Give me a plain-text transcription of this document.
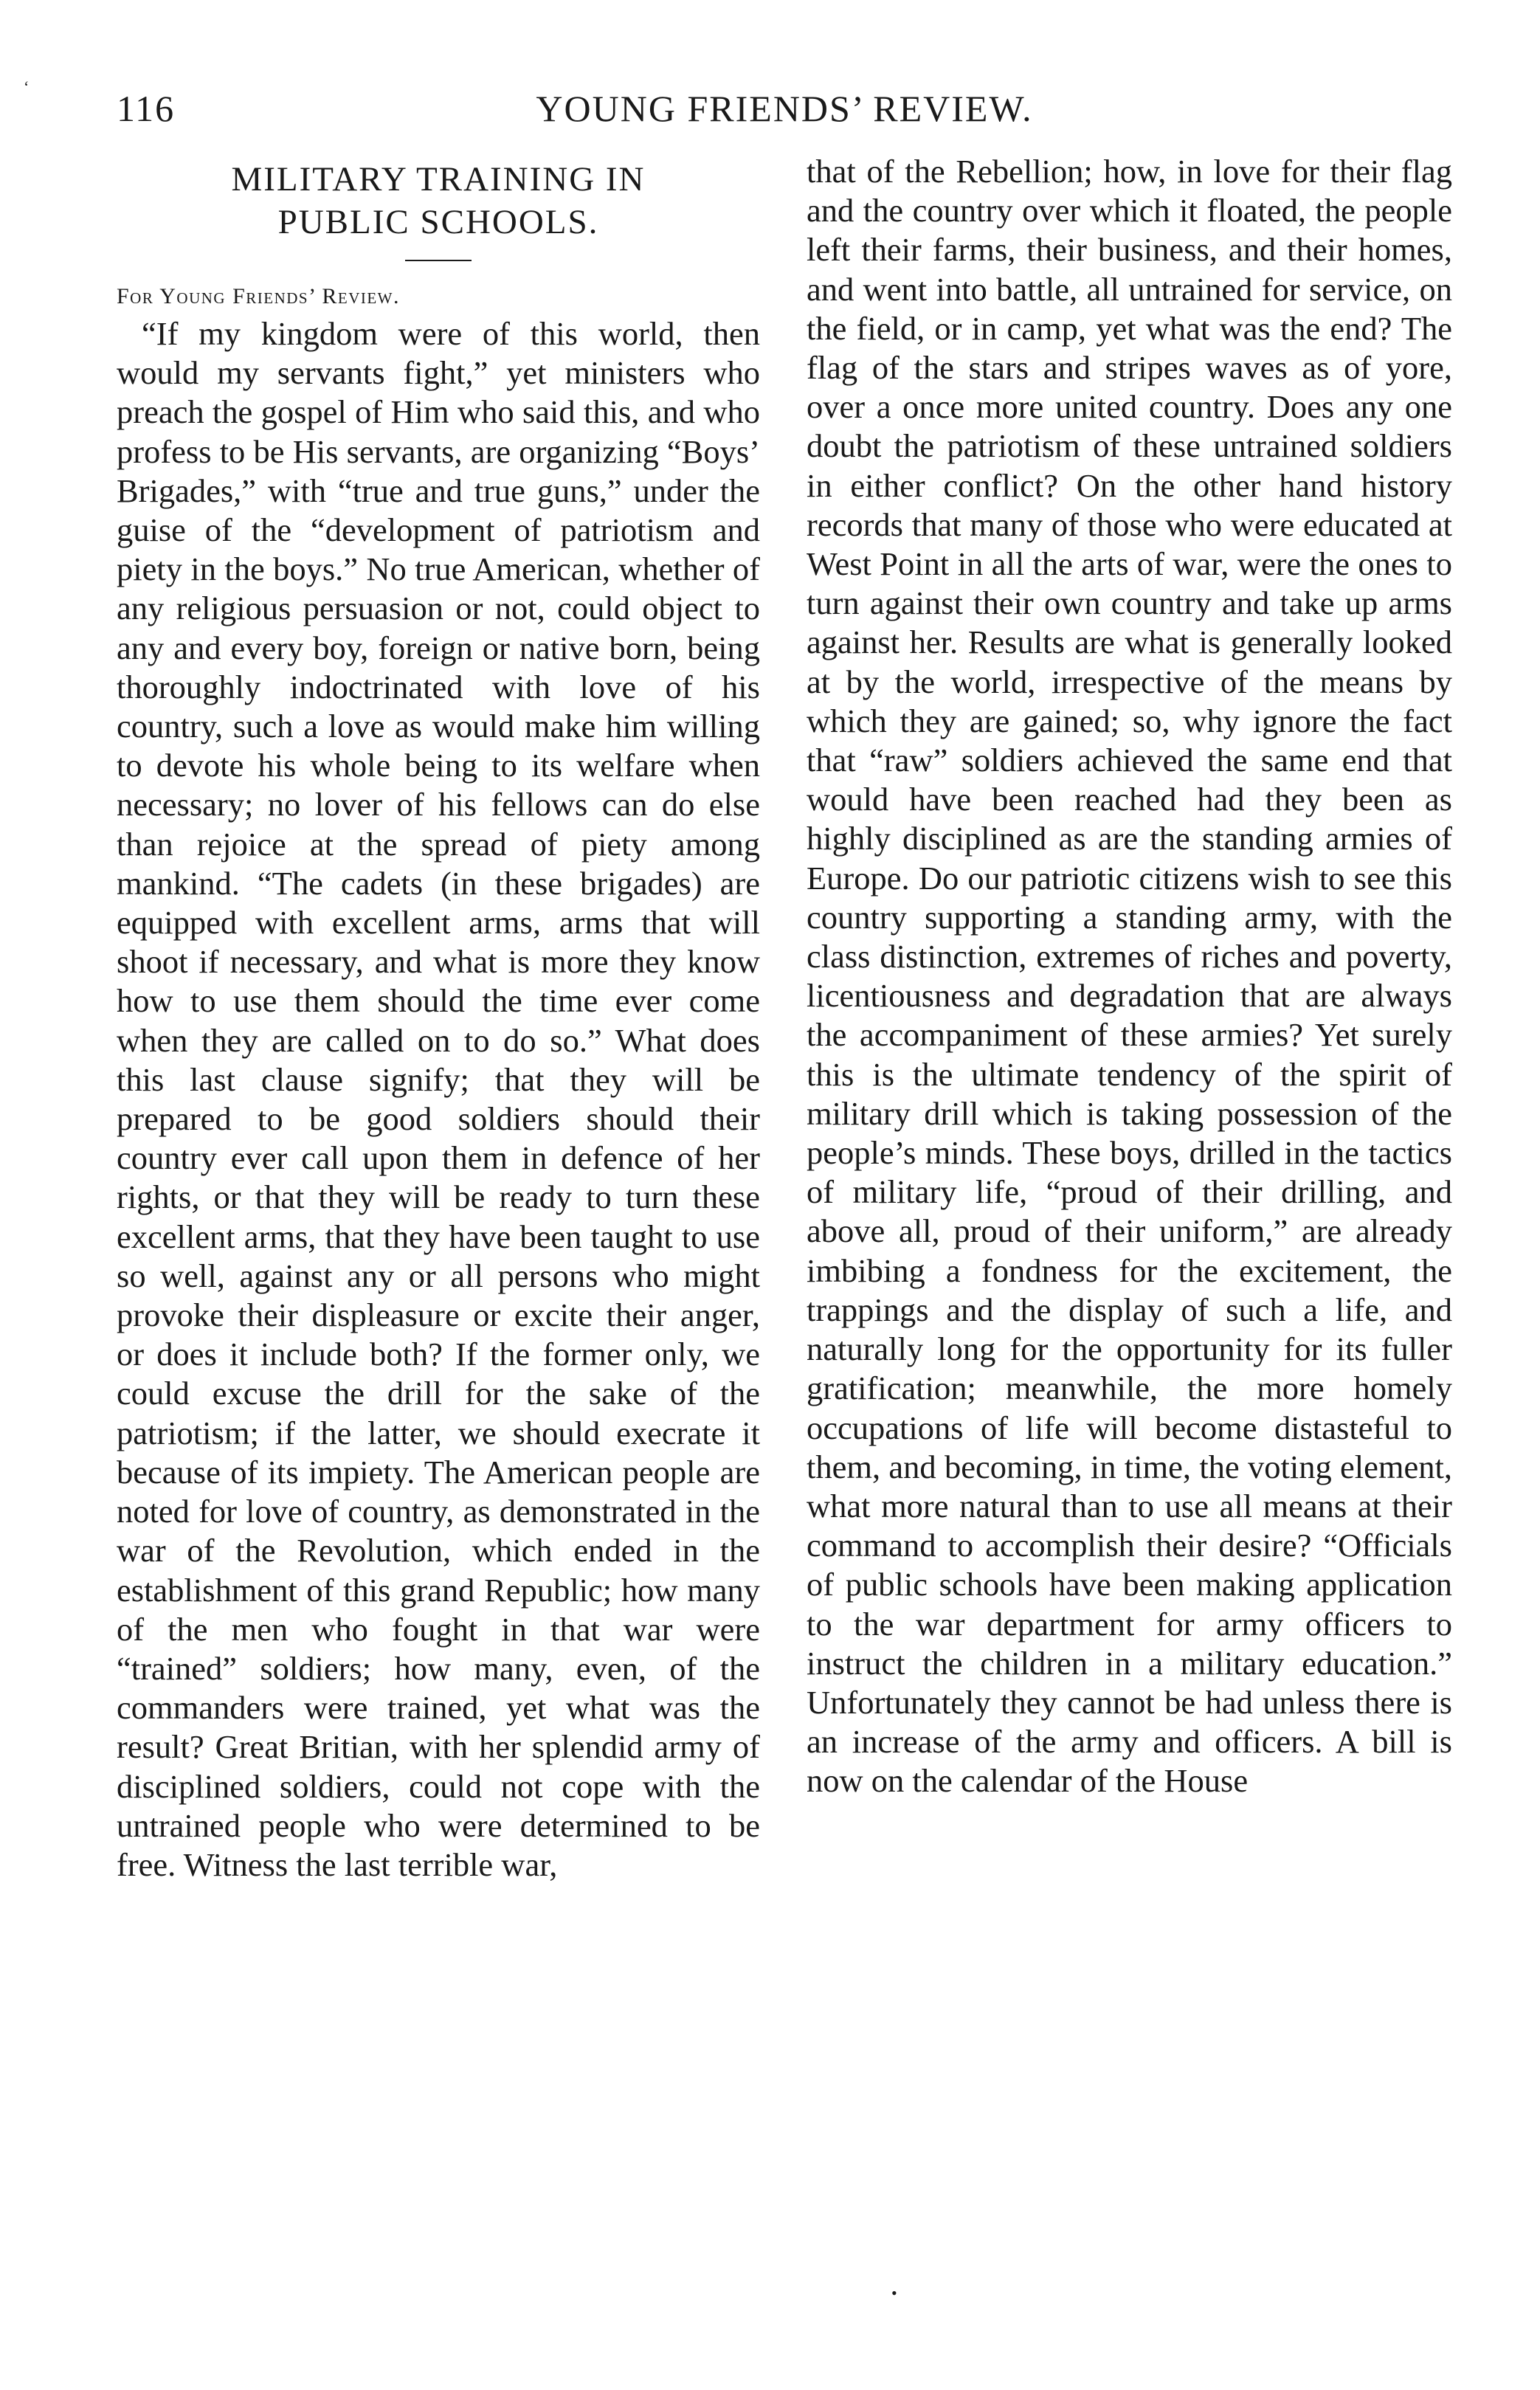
‘
116	YOUNG FRIENDS’ REVIEW.
MILITARY TRAINING IN
PUBLIC SCHOOLS.
For Young Friends’ Review.

“If my kingdom were of this world, then would my servants fight,” yet ministers who preach the gospel of Him who said this, and who profess to be His servants, are organizing “Boys’ Brigades,” with “true and true guns,” under the guise of the “development of patriotism and piety in the boys.” No true American, whether of any religious persuasion or not, could object to any and every boy, foreign or native born, being thoroughly indoctrinated with love of his country, such a love as would make him willing to devote his whole being to its welfare when necessary; no lover of his fellows can do else than rejoice at the spread of piety among mankind. “The cadets (in these brigades) are equipped with excellent arms, arms that will shoot if necessary, and what is more they know how to use them should the time ever come when they are called on to do so.” What does this last clause signify; that they will be prepared to be good soldiers should their country ever call upon them in defence of her rights, or that they will be ready to turn these excellent arms, that they have been taught to use so well, against any or all persons who might provoke their displeasure or excite their anger, or does it include both? If the former only, we could excuse the drill for the sake of the patriotism; if the latter, we should execrate it because of its impiety. The American people are noted for love of country, as demonstrated in the war of the Revolution, which ended in the establishment of this grand Republic; how many of the men who fought in that war were “trained” soldiers; how many, even, of the commanders were trained, yet what was the result? Great Britian, with her splendid army of disciplined soldiers, could not cope with the untrained people who were determined to be free. Witness the last terrible war,

that of the Rebellion; how, in love for their flag and the country over which it floated, the people left their farms, their business, and their homes, and went into battle, all untrained for service, on the field, or in camp, yet what was the end? The flag of the stars and stripes waves as of yore, over a once more united country. Does any one doubt the patriotism of these untrained soldiers in either conflict? On the other hand history records that many of those who were educated at West Point in all the arts of war, were the ones to turn against their own country and take up arms against her. Results are what is generally looked at by the world, irrespective of the means by which they are gained; so, why ignore the fact that “raw” soldiers achieved the same end that would have been reached had they been as highly disciplined as are the standing armies of Europe. Do our patriotic citizens wish to see this country supporting a standing army, with the class distinction, extremes of riches and poverty, licentiousness and degradation that are always the accompaniment of these armies? Yet surely this is the ultimate tendency of the spirit of military drill which is taking possession of the people’s minds. These boys, drilled in the tactics of military life, “proud of their drilling, and above all, proud of their uniform,” are already imbibing a fondness for the excitement, the trappings and the display of such a life, and naturally long for the opportunity for its fuller gratification; meanwhile, the more homely occupations of life will become distasteful to them, and becoming, in time, the voting element, what more natural than to use all means at their command to accomplish their desire? “Officials of public schools have been making application to the war department for army officers to instruct the children in a military education.” Unfortunately they cannot be had unless there is an increase of the army and officers. A bill is now on the calendar of the House

•
